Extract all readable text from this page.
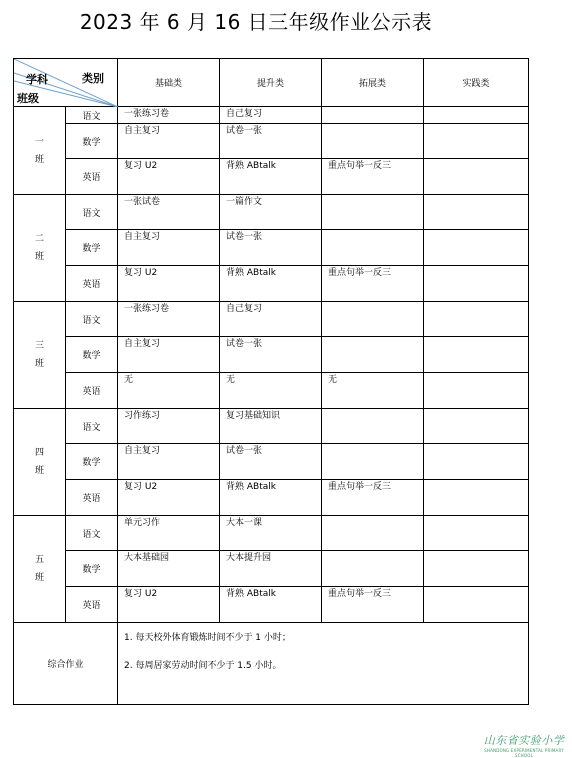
2023 年 6 月 16 日三年级作业公示表
学科 类别
班级		基础类	提升类	拓展类	实践类

一
班	语文	一张练习卷	自己复习		
	数学	自主复习	试卷一张		
	英语	复习 U2	背熟 ABtalk	重点句举一反三	

二
班	语文	一张试卷	一篇作文		
	数学	自主复习	试卷一张		
	英语	复习 U2	背熟 ABtalk	重点句举一反三	

三
班	语文	一张练习卷	自己复习		
	数学	自主复习	试卷一张		
	英语	无	无	无	

四
班	语文	习作练习	复习基础知识		
	数学	自主复习	试卷一张		
	英语	复习 U2	背熟 ABtalk	重点句举一反三	

五
班	语文	单元习作	大本一课		
	数学	大本基础园	大本提升园		
	英语	复习 U2	背熟 ABtalk	重点句举一反三	
综合作业		1. 每天校外体育锻炼时间不少于 1 小时；
2. 每周居家劳动时间不少于 1.5 小时。			
山东省实验小学
SHANDONG EXPERIMENTAL PRIMARY SCHOOL
